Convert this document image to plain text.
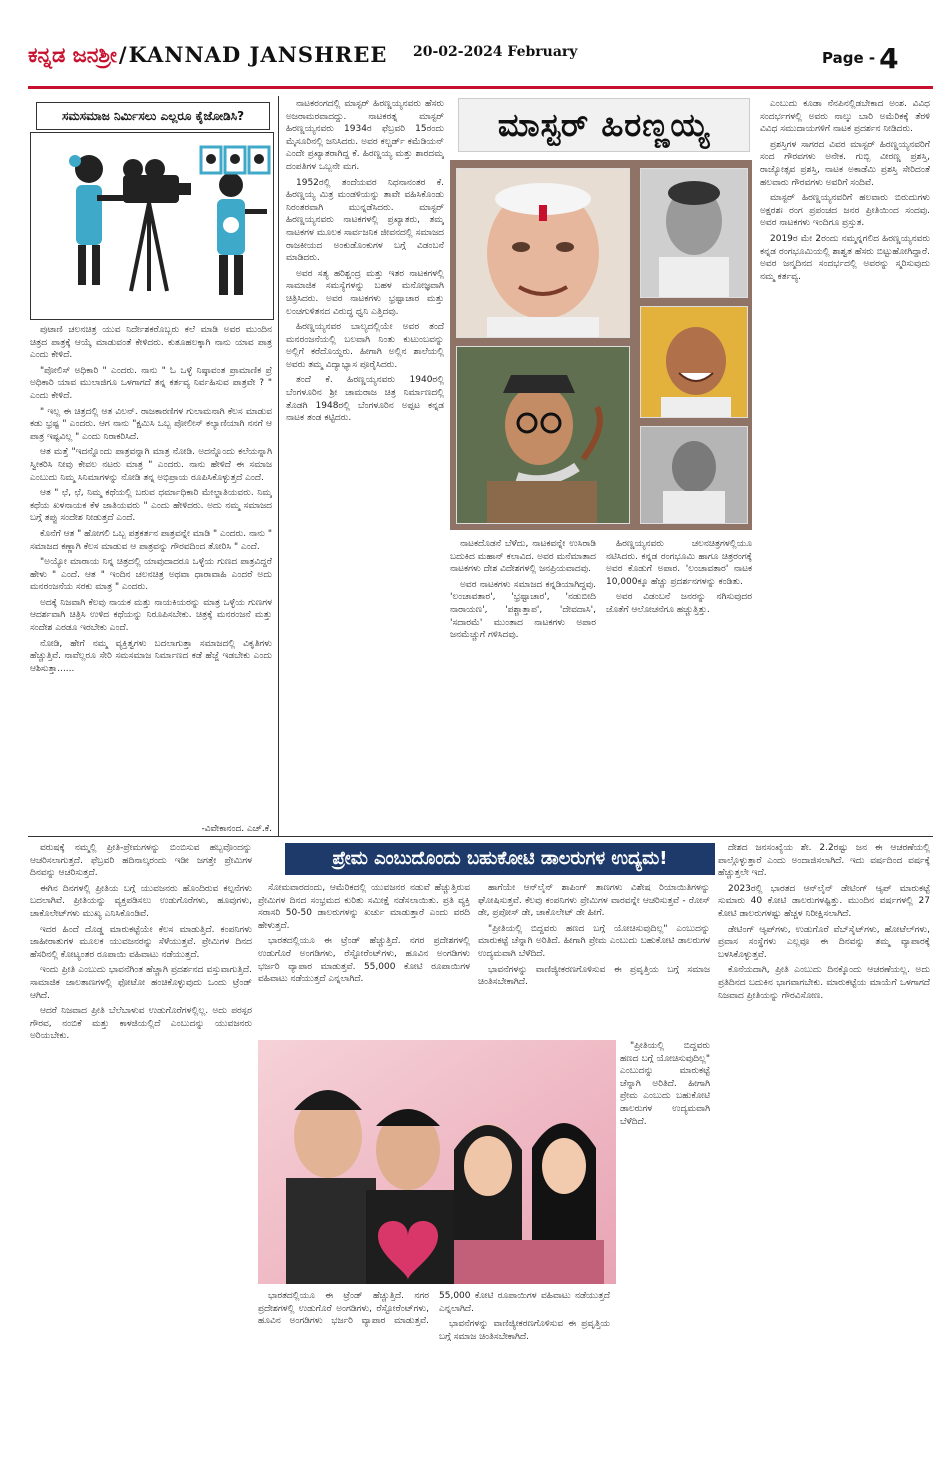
ಕನ್ನಡ ಜನಶ್ರೀ/KANNAD JANSHREE 20-02-2024 February	Page - 4
ಸಮಸಮಾಜ ನಿರ್ಮಿಸಲು ಎಲ್ಲರೂ ಕೈಜೋಡಿಸಿ?

ಪುಟಾಣಿ ಚಲನಚಿತ್ರ ಯುವ ನಿರ್ದೇಶಕರೊಬ್ಬರು ಕಲೆ ಮಾಡಿ ಅವರ ಮುಂದಿನ ಚಿತ್ರದ ಪಾತ್ರಕ್ಕೆ ಆಯ್ಕೆ ಮಾಡುವಂತೆ ಕೇಳಿದರು. ಕುತೂಹಲಕ್ಕಾಗಿ ನಾನು ಯಾವ ಪಾತ್ರ ಎಂದು ಕೇಳಿದೆ.

"ಪೋಲಿಸ್ ಅಧಿಕಾರಿ " ಎಂದರು. ನಾನು " ಓ ಒಳ್ಳೆ ನಿಷ್ಠಾವಂತ ಪ್ರಾಮಾಣಿಕ ಪ್ರೆ ಅಧಿಕಾರಿ ಯಾವ ಮುಲಾಜಿಗೂ ಒಳಗಾಗದೆ ತನ್ನ ಕರ್ತವ್ಯ ನಿರ್ವಹಿಸುವ ಪಾತ್ರವೇ ? " ಎಂದು ಕೇಳಿದೆ.

" ಇಲ್ಲ ಈ ಚಿತ್ರದಲ್ಲಿ ಆತ ವಿಲನ್. ರಾಜಕಾರಣಿಗಳ ಗುಲಾಮನಾಗಿ ಕೆಲಸ ಮಾಡುವ ಕಡು ಭ್ರಷ್ಟ " ಎಂದರು. ಆಗ ನಾನು "ಕ್ಷಮಿಸಿ ಒಬ್ಬ ಪೋಲೀಸ್ ಕಲ್ಯಾಣಿಯಾಗಿ ನನಗೆ ಆ ಪಾತ್ರ ಇಷ್ಟವಿಲ್ಲ " ಎಂದು ನಿರಾಕರಿಸಿದೆ.

ಆತ ಮತ್ತೆ "ಇದನ್ನೊಂದು ಪಾತ್ರವನ್ನಾಗಿ ಮಾತ್ರ ನೋಡಿ. ಅದನ್ನೊಂದು ಕಲೆಯನ್ನಾಗಿ ಸ್ವೀಕರಿಸಿ ನೀವು ಕೇವಲ ನಟರು ಮಾತ್ರ " ಎಂದರು. ನಾನು ಹೇಳಿದೆ ಈ ಸಮಾಜ ಎಂಬುದು ನಿಮ್ಮ ಸಿನಿಮಾಗಳನ್ನು ನೋಡಿ ತನ್ನ ಅಭಿಪ್ರಾಯ ರೂಪಿಸಿಕೊಳ್ಳುತ್ತದೆ ಎಂದೆ.

ಆತ " ಛೆ, ಛೆ, ನಿಮ್ಮ ಕಥೆಯಲ್ಲಿ ಬರುವ ಧರ್ಮಾಧಿಕಾರಿ ಮೇಲ್ಜಾತಿಯವರು. ನಿಮ್ಮ ಕಥೆಯ ಖಳನಾಯಕ ಕೆಳ ಜಾತಿಯವರು " ಎಂದು ಹೇಳಿದರು. ಅದು ನಮ್ಮ ಸಮಾಜದ ಬಗ್ಗೆ ತಪ್ಪು ಸಂದೇಶ ನೀಡುತ್ತದೆ ಎಂದೆ.

ಕೊನೆಗೆ ಆತ " ಹೋಗಲಿ ಒಬ್ಬ ಪತ್ರಕರ್ತನ ಪಾತ್ರವನ್ನೇ ಮಾಡಿ " ಎಂದರು. ನಾನು " ಸಮಾಜದ ಕಣ್ಣಾಗಿ ಕೆಲಸ ಮಾಡುವ ಆ ಪಾತ್ರವನ್ನು ಗೌರವದಿಂದ ತೋರಿಸಿ " ಎಂದೆ.

"ಅಯ್ಯೋ ಮಾರಾಯ ನಿನ್ನ ಚಿತ್ರದಲ್ಲಿ ಯಾವುದಾದರೂ ಒಳ್ಳೆಯ ಗುಣದ ಪಾತ್ರವಿದ್ದರೆ ಹೇಳು " ಎಂದೆ. ಆತ " ಇಂದಿನ ಚಲನಚಿತ್ರ ಅಥವಾ ಧಾರಾವಾಹಿ ಎಂದರೆ ಅದು ಮನರಂಜನೆಯ ಸರಕು ಮಾತ್ರ " ಎಂದರು.

ಅದಕ್ಕೆ ನಿಜವಾಗಿ ಕೆಲವು ನಾಯಕ ಮತ್ತು ನಾಯಕಿಯರನ್ನು ಮಾತ್ರ ಒಳ್ಳೆಯ ಗುಣಗಳ ಆದರ್ಶವಾಗಿ ಚಿತ್ರಿಸಿ ಉಳಿದ ಕಥೆಯನ್ನು ನಿರೂಪಿಸಬೇಕು. ಚಿತ್ರಕ್ಕೆ ಮನರಂಜನೆ ಮತ್ತು ಸಂದೇಶ ಎರಡೂ ಇರಬೇಕು ಎಂದೆ.

ನೋಡಿ, ಹೇಗೆ ನಮ್ಮ ವ್ಯಕ್ತಿತ್ವಗಳು ಬದಲಾಗುತ್ತಾ ಸಮಾಜದಲ್ಲಿ ವಿಕೃತಿಗಳು ಹೆಚ್ಚುತ್ತಿವೆ. ನಾವೆಲ್ಲರೂ ಸೇರಿ ಸಮಸಮಾಜ ನಿರ್ಮಾಣದ ಕಡೆ ಹೆಜ್ಜೆ ಇಡಬೇಕು ಎಂದು ಆಶಿಸುತ್ತಾ......

-ವಿವೇಕಾನಂದ. ಎಚ್.ಕೆ.

ನಾಟಕರಂಗದಲ್ಲಿ ಮಾಸ್ಟರ್ ಹಿರಣ್ಣಯ್ಯನವರು ಹೆಸರು ಅಜರಾಮರವಾದದ್ದು. ನಾಟಕರತ್ನ ಮಾಸ್ಟರ್ ಹಿರಣ್ಣಯ್ಯನವರು 1934ರ ಫೆಬ್ರವರಿ 15ರಂದು ಮೈಸೂರಿನಲ್ಲಿ ಜನಿಸಿದರು. ಅವರ ಕಲ್ಚರ್ಡ್ ಕಮೆಡಿಯನ್ ಎಂದೇ ಪ್ರಖ್ಯಾತರಾಗಿದ್ದ ಕೆ. ಹಿರಣ್ಣಯ್ಯ ಮತ್ತು ಶಾರದಮ್ಮ ದಂಪತಿಗಳ ಒಬ್ಬನೇ ಮಗ.

1952ರಲ್ಲಿ ತಂದೆಯವರ ನಿಧನಾನಂತರ ಕೆ. ಹಿರಣ್ಣಯ್ಯ ಮಿತ್ರ ಮಂಡಳಿಯನ್ನು ತಾವೇ ವಹಿಸಿಕೊಂಡು ನಿರಂತರವಾಗಿ ಮುನ್ನಡೆಸಿದರು. ಮಾಸ್ಟರ್ ಹಿರಣ್ಣಯ್ಯನವರು ನಾಟಕಗಳಲ್ಲಿ ಪ್ರಖ್ಯಾತರು, ತಮ್ಮ ನಾಟಕಗಳ ಮೂಲಕ ಸಾರ್ವಜನಿಕ ಜೀವನದಲ್ಲಿ ಸಮಾಜದ ರಾಜಕೀಯದ ಅಂಕುಡೊಂಕುಗಳ ಬಗ್ಗೆ ವಿಡಂಬನೆ ಮಾಡಿದರು.

ಅವರ ಸತ್ಯ ಹರಿಶ್ಚಂದ್ರ ಮತ್ತು ಇತರ ನಾಟಕಗಳಲ್ಲಿ ಸಾಮಾಜಿಕ ಸಮಸ್ಯೆಗಳನ್ನು ಬಹಳ ಮನೋಜ್ಞವಾಗಿ ಚಿತ್ರಿಸಿದರು. ಅವರ ನಾಟಕಗಳು ಭ್ರಷ್ಟಾಚಾರ ಮತ್ತು ಲಂಚಗುಳಿತನದ ವಿರುದ್ಧ ಧ್ವನಿ ಎತ್ತಿದವು.

ಹಿರಣ್ಣಯ್ಯನವರ ಬಾಲ್ಯದಲ್ಲಿಯೇ ಅವರ ತಂದೆ ಮನರಂಜನೆಯಲ್ಲಿ ಬಲವಾಗಿ ನಿಂತು ಕುಟುಂಬವನ್ನು ಅಲ್ಲಿಗೆ ಕರೆದೊಯ್ದರು. ಹೀಗಾಗಿ ಅಲ್ಲಿನ ಶಾಲೆಯಲ್ಲಿ ಅವರು ತಮ್ಮ ವಿದ್ಯಾಭ್ಯಾಸ ಪೂರೈಸಿದರು.

ತಂದೆ ಕೆ. ಹಿರಣ್ಣಯ್ಯನವರು 1940ರಲ್ಲಿ ಬೆಂಗಳೂರಿನ ಶ್ರೀ ಚಾಮರಾಜ ಚಿತ್ರ ನಿರ್ಮಾಣದಲ್ಲಿ ತೊಡಗಿ 1948ರಲ್ಲಿ ಬೆಂಗಳೂರಿನ ಅಪ್ಪಟ ಕನ್ನಡ ನಾಟಕ ತಂಡ ಕಟ್ಟಿದರು.

ಮಾಸ್ಟರ್ ಹಿರಣ್ಣಯ್ಯ

ನಾಟಕದೊಡನೆ ಬೆಳೆದು, ನಾಟಕವನ್ನೇ ಉಸಿರಾಡಿ ಬದುಕಿದ ಮಹಾನ್ ಕಲಾವಿದ. ಅವರ ಮನೆಮಾತಾದ ನಾಟಕಗಳು ದೇಶ ವಿದೇಶಗಳಲ್ಲಿ ಜನಪ್ರಿಯವಾದವು.

ಅವರ ನಾಟಕಗಳು ಸಮಾಜದ ಕನ್ನಡಿಯಾಗಿದ್ದವು. 'ಲಂಚಾವತಾರ', 'ಭ್ರಷ್ಟಾಚಾರ', 'ನಡುಬೀದಿ ನಾರಾಯಣ', 'ಪಶ್ಚಾತ್ತಾಪ', 'ದೇವದಾಸಿ', 'ಸದಾರಮೆ' ಮುಂತಾದ ನಾಟಕಗಳು ಅಪಾರ ಜನಮೆಚ್ಚುಗೆ ಗಳಿಸಿದವು.

ಹಿರಣ್ಣಯ್ಯನವರು ಚಲನಚಿತ್ರಗಳಲ್ಲಿಯೂ ನಟಿಸಿದರು. ಕನ್ನಡ ರಂಗಭೂಮಿ ಹಾಗೂ ಚಿತ್ರರಂಗಕ್ಕೆ ಅವರ ಕೊಡುಗೆ ಅಪಾರ. 'ಲಂಚಾವತಾರ' ನಾಟಕ 10,000ಕ್ಕೂ ಹೆಚ್ಚು ಪ್ರದರ್ಶನಗಳನ್ನು ಕಂಡಿತು.

ಅವರ ವಿಡಂಬನೆ ಜನರನ್ನು ನಗಿಸುವುದರ ಜೊತೆಗೆ ಆಲೋಚನೆಗೂ ಹಚ್ಚುತ್ತಿತ್ತು.

ಎಂಬುದು ಕೂಡಾ ನೆನಪಿನಲ್ಲಿಡಬೇಕಾದ ಅಂಶ. ವಿವಿಧ ಸಂದರ್ಭಗಳಲ್ಲಿ ಅವರು ನಾಲ್ಕು ಬಾರಿ ಅಮೆರಿಕಕ್ಕೆ ತೆರಳಿ ವಿವಿಧ ಸಮುದಾಯಗಳಿಗೆ ನಾಟಕ ಪ್ರದರ್ಶನ ನೀಡಿದರು.

ಪ್ರಶಸ್ತಿಗಳ ಸಾಗರದ ವಿವರ ಮಾಸ್ಟರ್ ಹಿರಣ್ಣಯ್ಯನವರಿಗೆ ಸಂದ ಗೌರವಗಳು ಅನೇಕ. ಗುಬ್ಬಿ ವೀರಣ್ಣ ಪ್ರಶಸ್ತಿ, ರಾಜ್ಯೋತ್ಸವ ಪ್ರಶಸ್ತಿ, ನಾಟಕ ಅಕಾಡೆಮಿ ಪ್ರಶಸ್ತಿ ಸೇರಿದಂತೆ ಹಲವಾರು ಗೌರವಗಳು ಅವರಿಗೆ ಸಂದಿವೆ.

ಮಾಸ್ಟರ್ ಹಿರಣ್ಣಯ್ಯನವರಿಗೆ ಹಲವಾರು ಬಿರುದುಗಳು ಅಕ್ಷರಶಃ ರಂಗ ಪ್ರಪಂಚದ ಜನರ ಪ್ರೀತಿಯಿಂದ ಸಂದವು. ಅವರ ನಾಟಕಗಳು ಇಂದಿಗೂ ಪ್ರಸ್ತುತ.

2019ರ ಮೇ 2ರಂದು ನಮ್ಮನ್ನಗಲಿದ ಹಿರಣ್ಣಯ್ಯನವರು ಕನ್ನಡ ರಂಗಭೂಮಿಯಲ್ಲಿ ಶಾಶ್ವತ ಹೆಸರು ಬಿಟ್ಟುಹೋಗಿದ್ದಾರೆ. ಅವರ ಜನ್ಮದಿನದ ಸಂದರ್ಭದಲ್ಲಿ ಅವರನ್ನು ಸ್ಮರಿಸುವುದು ನಮ್ಮ ಕರ್ತವ್ಯ.

ವರುಷಕ್ಕೆ ನಮ್ಮಲ್ಲಿ ಪ್ರೀತಿ-ಪ್ರೇಮಗಳನ್ನು ಬಿಂಬಿಸುವ ಹಬ್ಬವೊಂದನ್ನು ಆಚರಿಸಲಾಗುತ್ತದೆ. ಫೆಬ್ರವರಿ ಹದಿನಾಲ್ಕರಂದು ಇಡೀ ಜಗತ್ತೇ ಪ್ರೇಮಿಗಳ ದಿನವನ್ನು ಆಚರಿಸುತ್ತದೆ.

ಈಗಿನ ದಿನಗಳಲ್ಲಿ ಪ್ರೀತಿಯ ಬಗ್ಗೆ ಯುವಜನರು ಹೊಂದಿರುವ ಕಲ್ಪನೆಗಳು ಬದಲಾಗಿವೆ. ಪ್ರೀತಿಯನ್ನು ವ್ಯಕ್ತಪಡಿಸಲು ಉಡುಗೊರೆಗಳು, ಹೂವುಗಳು, ಚಾಕೊಲೇಟ್‌ಗಳು ಮುಖ್ಯ ಎನಿಸಿಕೊಂಡಿವೆ.

ಇದರ ಹಿಂದೆ ದೊಡ್ಡ ಮಾರುಕಟ್ಟೆಯೇ ಕೆಲಸ ಮಾಡುತ್ತಿದೆ. ಕಂಪನಿಗಳು ಜಾಹೀರಾತುಗಳ ಮೂಲಕ ಯುವಜನರನ್ನು ಸೆಳೆಯುತ್ತವೆ. ಪ್ರೇಮಿಗಳ ದಿನದ ಹೆಸರಿನಲ್ಲಿ ಕೋಟ್ಯಂತರ ರೂಪಾಯಿ ವಹಿವಾಟು ನಡೆಯುತ್ತದೆ.

ಇಂದು ಪ್ರೀತಿ ಎಂಬುದು ಭಾವನೆಗಿಂತ ಹೆಚ್ಚಾಗಿ ಪ್ರದರ್ಶನದ ವಸ್ತುವಾಗುತ್ತಿದೆ. ಸಾಮಾಜಿಕ ಜಾಲತಾಣಗಳಲ್ಲಿ ಫೋಟೋ ಹಂಚಿಕೊಳ್ಳುವುದು ಒಂದು ಟ್ರೆಂಡ್ ಆಗಿದೆ.

ಆದರೆ ನಿಜವಾದ ಪ್ರೀತಿ ಬೆಲೆಬಾಳುವ ಉಡುಗೊರೆಗಳಲ್ಲಿಲ್ಲ. ಅದು ಪರಸ್ಪರ ಗೌರವ, ನಂಬಿಕೆ ಮತ್ತು ಕಾಳಜಿಯಲ್ಲಿದೆ ಎಂಬುದನ್ನು ಯುವಜನರು ಅರಿಯಬೇಕು.

ಪ್ರೇಮ ಎಂಬುದೊಂದು ಬಹುಕೋಟಿ ಡಾಲರುಗಳ ಉದ್ಯಮ!

ಸೋಮವಾರದಂದು, ಆಮೆರಿಕದಲ್ಲಿ ಯುವಜನರ ನಡುವೆ ಹೆಚ್ಚುತ್ತಿರುವ ಪ್ರೇಮಿಗಳ ದಿನದ ಸಂಭ್ರಮದ ಕುರಿತು ಸಮೀಕ್ಷೆ ನಡೆಸಲಾಯಿತು. ಪ್ರತಿ ವ್ಯಕ್ತಿ ಸರಾಸರಿ 50-50 ಡಾಲರುಗಳನ್ನು ಖರ್ಚು ಮಾಡುತ್ತಾರೆ ಎಂದು ವರದಿ ಹೇಳುತ್ತದೆ.

ಭಾರತದಲ್ಲಿಯೂ ಈ ಟ್ರೆಂಡ್ ಹೆಚ್ಚುತ್ತಿದೆ. ನಗರ ಪ್ರದೇಶಗಳಲ್ಲಿ ಉಡುಗೊರೆ ಅಂಗಡಿಗಳು, ರೆಸ್ಟೋರೆಂಟ್‌ಗಳು, ಹೂವಿನ ಅಂಗಡಿಗಳು ಭರ್ಜರಿ ವ್ಯಾಪಾರ ಮಾಡುತ್ತವೆ. 55,000 ಕೋಟಿ ರೂಪಾಯಿಗಳ ವಹಿವಾಟು ನಡೆಯುತ್ತದೆ ಎನ್ನಲಾಗಿದೆ.

ಹಾಗೆಯೇ ಆನ್‌ಲೈನ್ ಶಾಪಿಂಗ್ ತಾಣಗಳು ವಿಶೇಷ ರಿಯಾಯಿತಿಗಳನ್ನು ಘೋಷಿಸುತ್ತವೆ. ಕೆಲವು ಕಂಪನಿಗಳು ಪ್ರೇಮಿಗಳ ವಾರವನ್ನೇ ಆಚರಿಸುತ್ತವೆ - ರೋಸ್ ಡೇ, ಪ್ರಪೋಸ್ ಡೇ, ಚಾಕೊಲೇಟ್ ಡೇ ಹೀಗೆ.

"ಪ್ರೀತಿಯಲ್ಲಿ ಬಿದ್ದವರು ಹಣದ ಬಗ್ಗೆ ಯೋಚಿಸುವುದಿಲ್ಲ" ಎಂಬುದನ್ನು ಮಾರುಕಟ್ಟೆ ಚೆನ್ನಾಗಿ ಅರಿತಿದೆ. ಹೀಗಾಗಿ ಪ್ರೇಮ ಎಂಬುದು ಬಹುಕೋಟಿ ಡಾಲರುಗಳ ಉದ್ಯಮವಾಗಿ ಬೆಳೆದಿದೆ.

ಭಾವನೆಗಳನ್ನು ವಾಣಿಜ್ಯೀಕರಣಗೊಳಿಸುವ ಈ ಪ್ರವೃತ್ತಿಯ ಬಗ್ಗೆ ಸಮಾಜ ಚಿಂತಿಸಬೇಕಾಗಿದೆ.

ಭಾರತದಲ್ಲಿಯೂ ಈ ಟ್ರೆಂಡ್ ಹೆಚ್ಚುತ್ತಿದೆ. ನಗರ ಪ್ರದೇಶಗಳಲ್ಲಿ ಉಡುಗೊರೆ ಅಂಗಡಿಗಳು, ರೆಸ್ಟೋರೆಂಟ್‌ಗಳು, ಹೂವಿನ ಅಂಗಡಿಗಳು ಭರ್ಜರಿ ವ್ಯಾಪಾರ ಮಾಡುತ್ತವೆ. 55,000 ಕೋಟಿ ರೂಪಾಯಿಗಳ ವಹಿವಾಟು ನಡೆಯುತ್ತದೆ ಎನ್ನಲಾಗಿದೆ.

ಭಾವನೆಗಳನ್ನು ವಾಣಿಜ್ಯೀಕರಣಗೊಳಿಸುವ ಈ ಪ್ರವೃತ್ತಿಯ ಬಗ್ಗೆ ಸಮಾಜ ಚಿಂತಿಸಬೇಕಾಗಿದೆ.

"ಪ್ರೀತಿಯಲ್ಲಿ ಬಿದ್ದವರು ಹಣದ ಬಗ್ಗೆ ಯೋಚಿಸುವುದಿಲ್ಲ" ಎಂಬುದನ್ನು ಮಾರುಕಟ್ಟೆ ಚೆನ್ನಾಗಿ ಅರಿತಿದೆ. ಹೀಗಾಗಿ ಪ್ರೇಮ ಎಂಬುದು ಬಹುಕೋಟಿ ಡಾಲರುಗಳ ಉದ್ಯಮವಾಗಿ ಬೆಳೆದಿದೆ.

ದೇಶದ ಜನಸಂಖ್ಯೆಯ ಶೇ. 2.2ರಷ್ಟು ಜನ ಈ ಆಚರಣೆಯಲ್ಲಿ ಪಾಲ್ಗೊಳ್ಳುತ್ತಾರೆ ಎಂದು ಅಂದಾಜಿಸಲಾಗಿದೆ. ಇದು ವರ್ಷದಿಂದ ವರ್ಷಕ್ಕೆ ಹೆಚ್ಚುತ್ತಲೇ ಇದೆ.

2023ರಲ್ಲಿ ಭಾರತದ ಆನ್‌ಲೈನ್ ಡೇಟಿಂಗ್ ಆ್ಯಪ್ ಮಾರುಕಟ್ಟೆ ಸುಮಾರು 40 ಕೋಟಿ ಡಾಲರುಗಳಷ್ಟಿತ್ತು. ಮುಂದಿನ ವರ್ಷಗಳಲ್ಲಿ 27 ಕೋಟಿ ಡಾಲರುಗಳಷ್ಟು ಹೆಚ್ಚಳ ನಿರೀಕ್ಷಿಸಲಾಗಿದೆ.

ಡೇಟಿಂಗ್ ಆ್ಯಪ್‌ಗಳು, ಉಡುಗೊರೆ ವೆಬ್‌ಸೈಟ್‌ಗಳು, ಹೋಟೆಲ್‌ಗಳು, ಪ್ರವಾಸ ಸಂಸ್ಥೆಗಳು ಎಲ್ಲವೂ ಈ ದಿನವನ್ನು ತಮ್ಮ ವ್ಯಾಪಾರಕ್ಕೆ ಬಳಸಿಕೊಳ್ಳುತ್ತವೆ.

ಕೊನೆಯದಾಗಿ, ಪ್ರೀತಿ ಎಂಬುದು ದಿನಕ್ಕೊಂದು ಆಚರಣೆಯಲ್ಲ. ಅದು ಪ್ರತಿದಿನದ ಬದುಕಿನ ಭಾಗವಾಗಬೇಕು. ಮಾರುಕಟ್ಟೆಯ ಮಾಯೆಗೆ ಒಳಗಾಗದೆ ನಿಜವಾದ ಪ್ರೀತಿಯನ್ನು ಗೌರವಿಸೋಣ.
